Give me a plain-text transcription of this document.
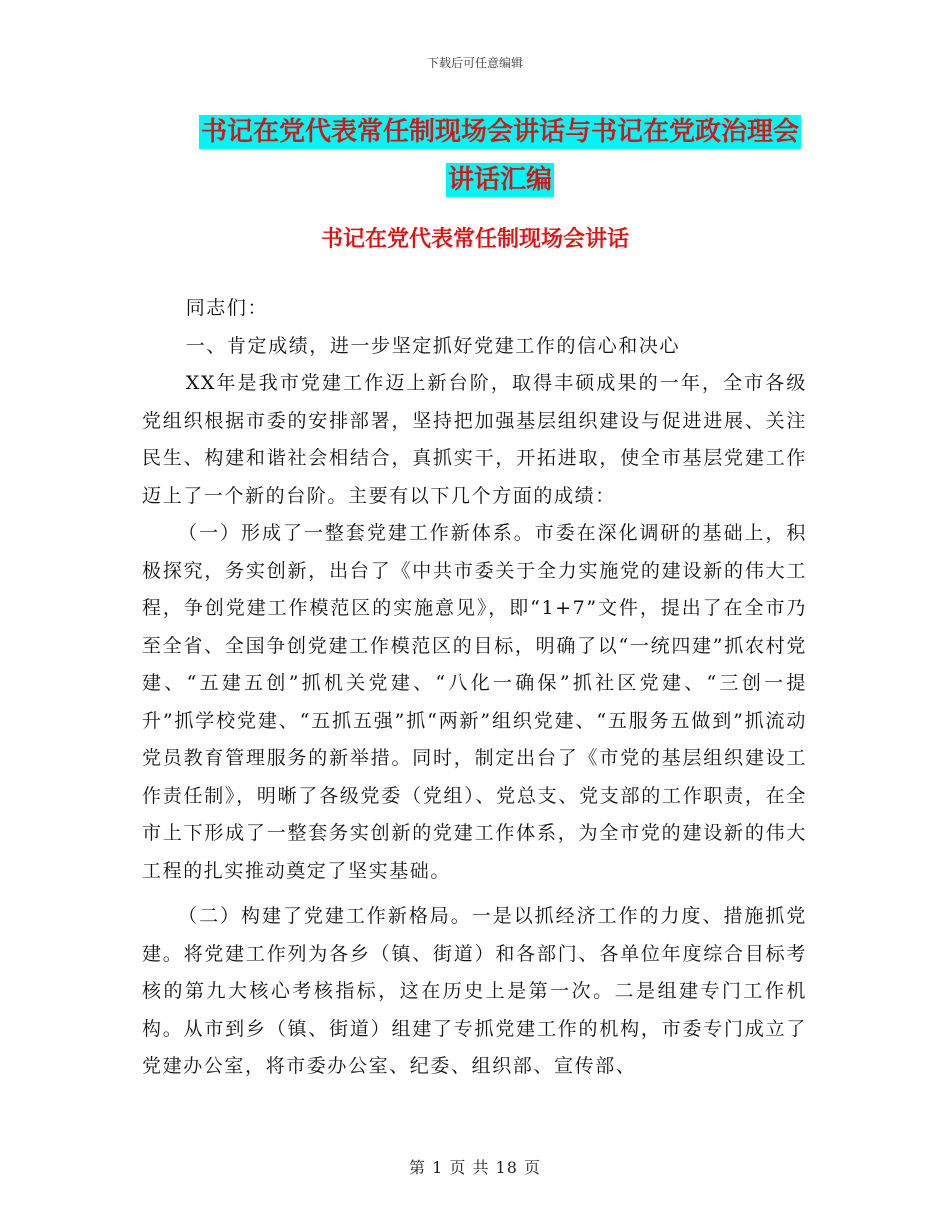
下载后可任意编辑
书记在党代表常任制现场会讲话与书记在党政治理会
讲话汇编
书记在党代表常任制现场会讲话

同志们：

一、肯定成绩，进一步坚定抓好党建工作的信心和决心

XX年是我市党建工作迈上新台阶，取得丰硕成果的一年，全市各级党组织根据市委的安排部署，坚持把加强基层组织建设与促进进展、关注民生、构建和谐社会相结合，真抓实干，开拓进取，使全市基层党建工作迈上了一个新的台阶。主要有以下几个方面的成绩：

（一）形成了一整套党建工作新体系。市委在深化调研的基础上，积极探究，务实创新，出台了《中共市委关于全力实施党的建设新的伟大工程，争创党建工作模范区的实施意见》，即“1+7”文件，提出了在全市乃至全省、全国争创党建工作模范区的目标，明确了以“一统四建”抓农村党建、“五建五创”抓机关党建、“八化一确保”抓社区党建、“三创一提升”抓学校党建、“五抓五强”抓“两新”组织党建、“五服务五做到”抓流动党员教育管理服务的新举措。同时，制定出台了《市党的基层组织建设工作责任制》，明晰了各级党委（党组）、党总支、党支部的工作职责，在全市上下形成了一整套务实创新的党建工作体系，为全市党的建设新的伟大工程的扎实推动奠定了坚实基础。

（二）构建了党建工作新格局。一是以抓经济工作的力度、措施抓党建。将党建工作列为各乡（镇、街道）和各部门、各单位年度综合目标考核的第九大核心考核指标，这在历史上是第一次。二是组建专门工作机构。从市到乡（镇、街道）组建了专抓党建工作的机构，市委专门成立了党建办公室，将市委办公室、纪委、组织部、宣传部、

第 1 页 共 18 页
